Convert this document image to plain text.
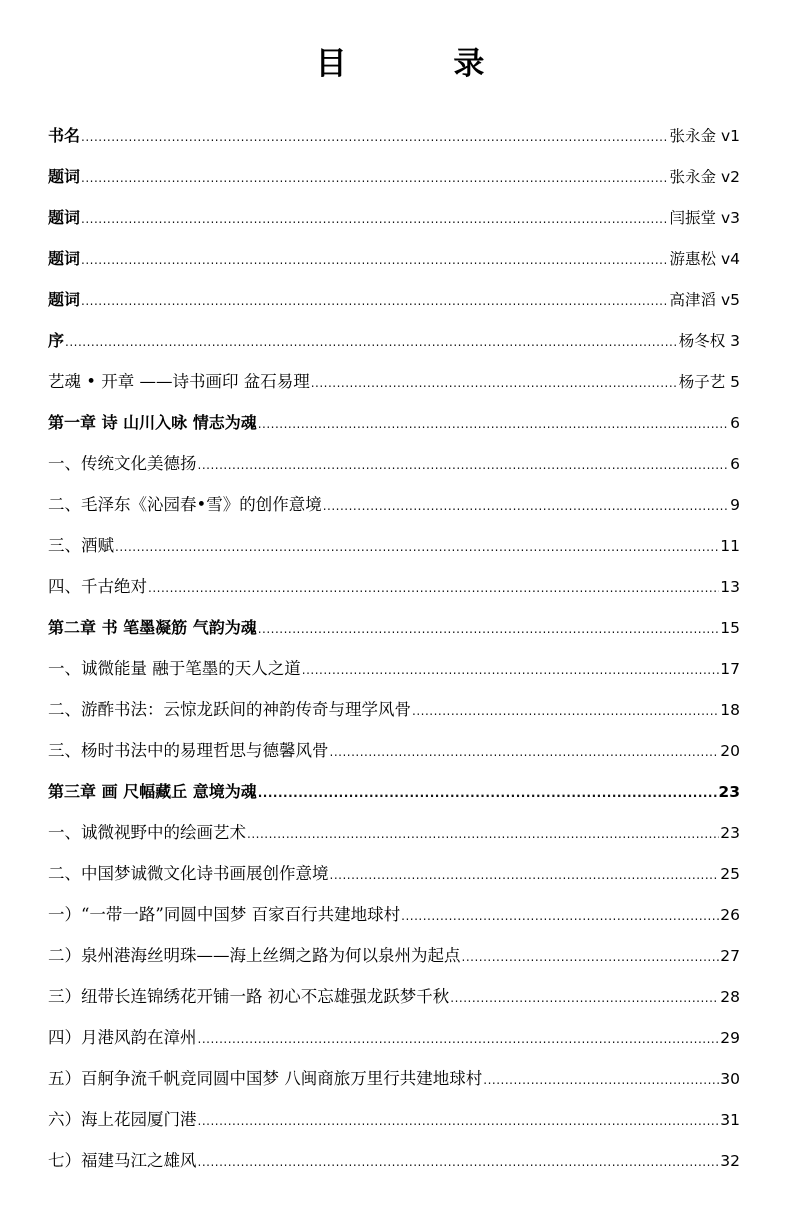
目 录
书名 .....	张永金 v1
题词 .....	张永金 v2
题词 .....	闫振堂 v3
题词 .....	游惠松 v4
题词 .....	高津滔 v5
序 .....	杨冬权 3
艺魂 • 开章 ——诗书画印 盆石易理 .....	杨子艺 5
第一章 诗 山川入咏 情志为魂 .....	6
一、传统文化美德扬 .....	6
二、毛泽东《沁园春•雪》的创作意境 .....	9
三、酒赋 .....	11
四、千古绝对 .....	13
第二章 书 笔墨凝筋 气韵为魂 .....	15
一、诚微能量 融于笔墨的天人之道 .....	17
二、游酢书法：云惊龙跃间的神韵传奇与理学风骨 .....	18
三、杨时书法中的易理哲思与德馨风骨 .....	20
第三章 画 尺幅藏丘 意境为魂 .....	23
一、诚微视野中的绘画艺术 .....	23
二、中国梦诚微文化诗书画展创作意境 .....	25
一）“一带一路”同圆中国梦 百家百行共建地球村 .....	26
二）泉州港海丝明珠——海上丝绸之路为何以泉州为起点 .....	27
三）纽带长连锦绣花开铺一路 初心不忘雄强龙跃梦千秋 .....	28
四）月港风韵在漳州 .....	29
五）百舸争流千帆竞同圆中国梦 八闽商旅万里行共建地球村 .....	30
六）海上花园厦门港 .....	31
七）福建马江之雄风 .....	32
